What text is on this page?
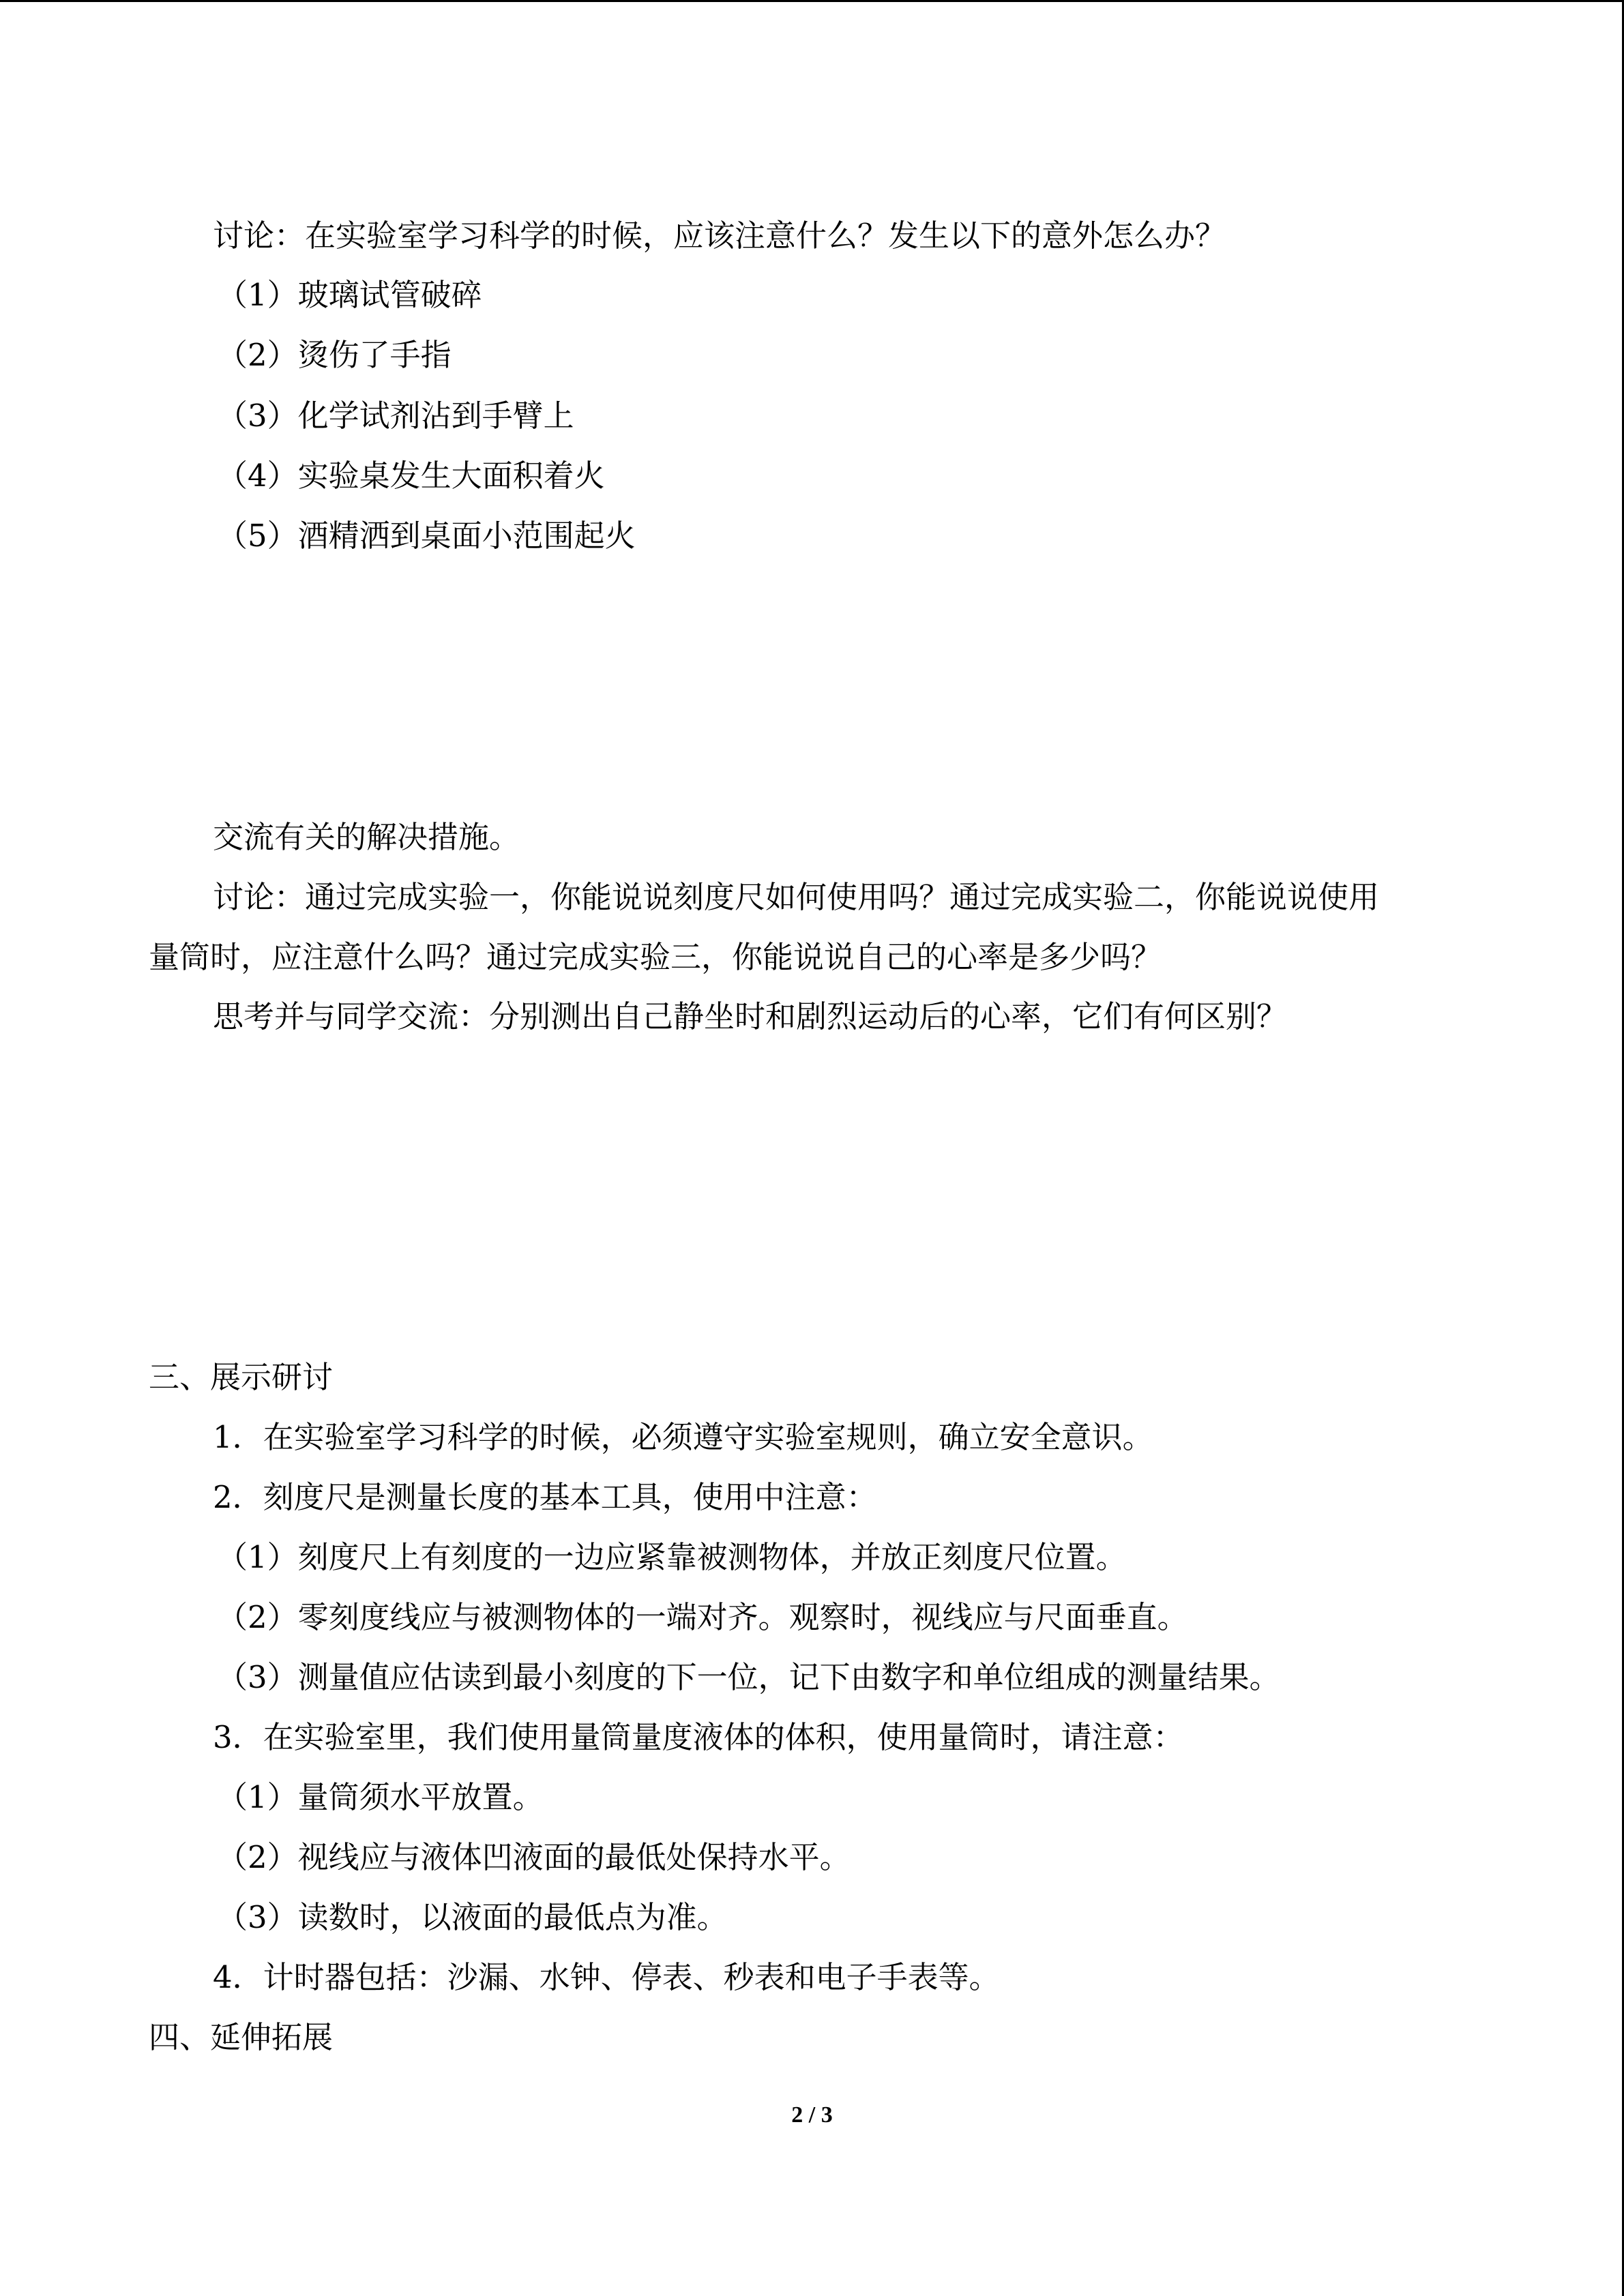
讨论：在实验室学习科学的时候，应该注意什么？发生以下的意外怎么办？
（1）玻璃试管破碎
（2）烫伤了手指
（3）化学试剂沾到手臂上
（4）实验桌发生大面积着火
（5）酒精洒到桌面小范围起火
交流有关的解决措施。
讨论：通过完成实验一，你能说说刻度尺如何使用吗？通过完成实验二，你能说说使用
量筒时，应注意什么吗？通过完成实验三，你能说说自己的心率是多少吗？
思考并与同学交流：分别测出自己静坐时和剧烈运动后的心率，它们有何区别？
三、展示研讨
1．在实验室学习科学的时候，必须遵守实验室规则，确立安全意识。
2．刻度尺是测量长度的基本工具，使用中注意：
（1）刻度尺上有刻度的一边应紧靠被测物体，并放正刻度尺位置。
（2）零刻度线应与被测物体的一端对齐。观察时，视线应与尺面垂直。
（3）测量值应估读到最小刻度的下一位，记下由数字和单位组成的测量结果。
3．在实验室里，我们使用量筒量度液体的体积，使用量筒时，请注意：
（1）量筒须水平放置。
（2）视线应与液体凹液面的最低处保持水平。
（3）读数时，以液面的最低点为准。
4．计时器包括：沙漏、水钟、停表、秒表和电子手表等。
四、延伸拓展
2 / 3
